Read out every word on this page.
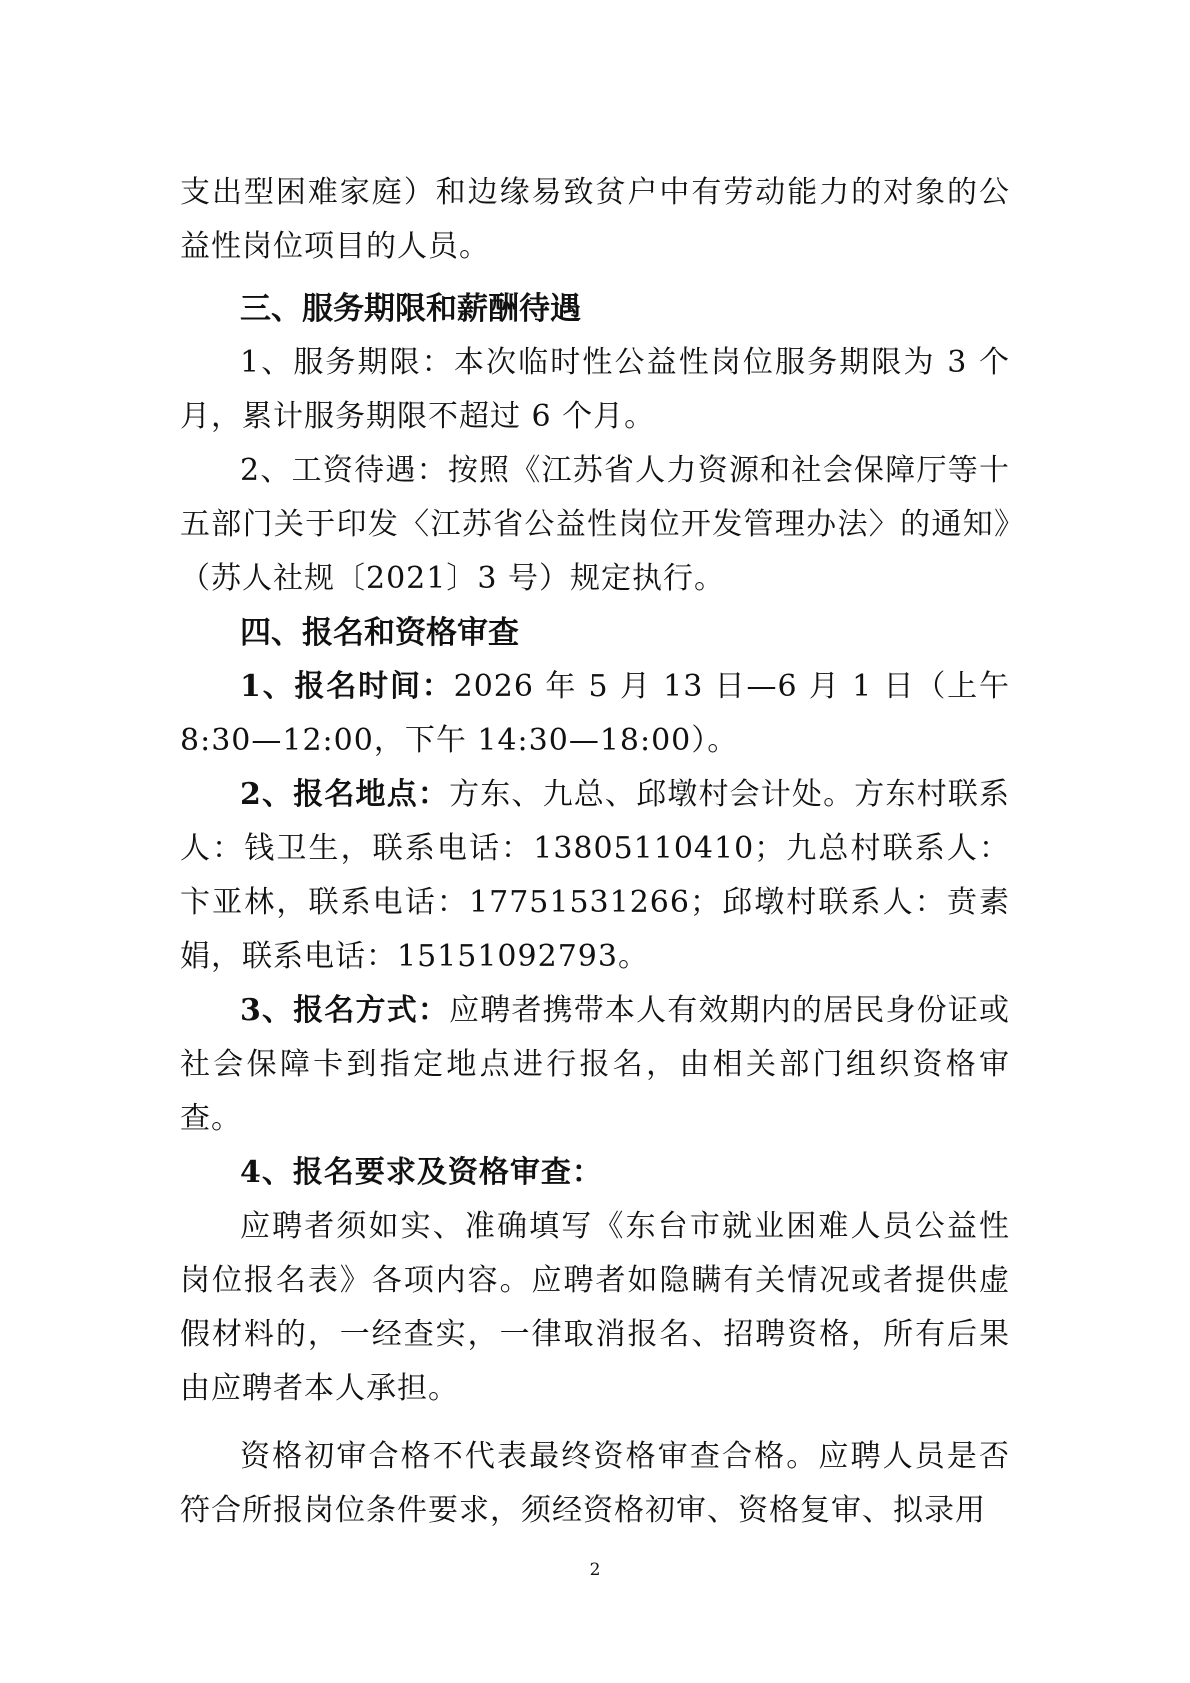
支出型困难家庭）和边缘易致贫户中有劳动能力的对象的公益性岗位项目的人员。

三、服务期限和薪酬待遇

1、服务期限：本次临时性公益性岗位服务期限为 3 个月，累计服务期限不超过 6 个月。

2、工资待遇：按照《江苏省人力资源和社会保障厅等十五部门关于印发〈江苏省公益性岗位开发管理办法〉的通知》（苏人社规〔2021〕3 号）规定执行。

四、报名和资格审查

1、报名时间：2026 年 5 月 13 日—6 月 1 日（上午 8:30—12:00，下午 14:30—18:00）。

2、报名地点：方东、九总、邱墩村会计处。方东村联系人：钱卫生，联系电话：13805110410；九总村联系人：卞亚林，联系电话：17751531266；邱墩村联系人：贲素娟，联系电话：15151092793。

3、报名方式：应聘者携带本人有效期内的居民身份证或社会保障卡到指定地点进行报名，由相关部门组织资格审查。

4、报名要求及资格审查：

应聘者须如实、准确填写《东台市就业困难人员公益性岗位报名表》各项内容。应聘者如隐瞒有关情况或者提供虚假材料的，一经查实，一律取消报名、招聘资格，所有后果由应聘者本人承担。

资格初审合格不代表最终资格审查合格。应聘人员是否符合所报岗位条件要求，须经资格初审、资格复审、拟录用

2
